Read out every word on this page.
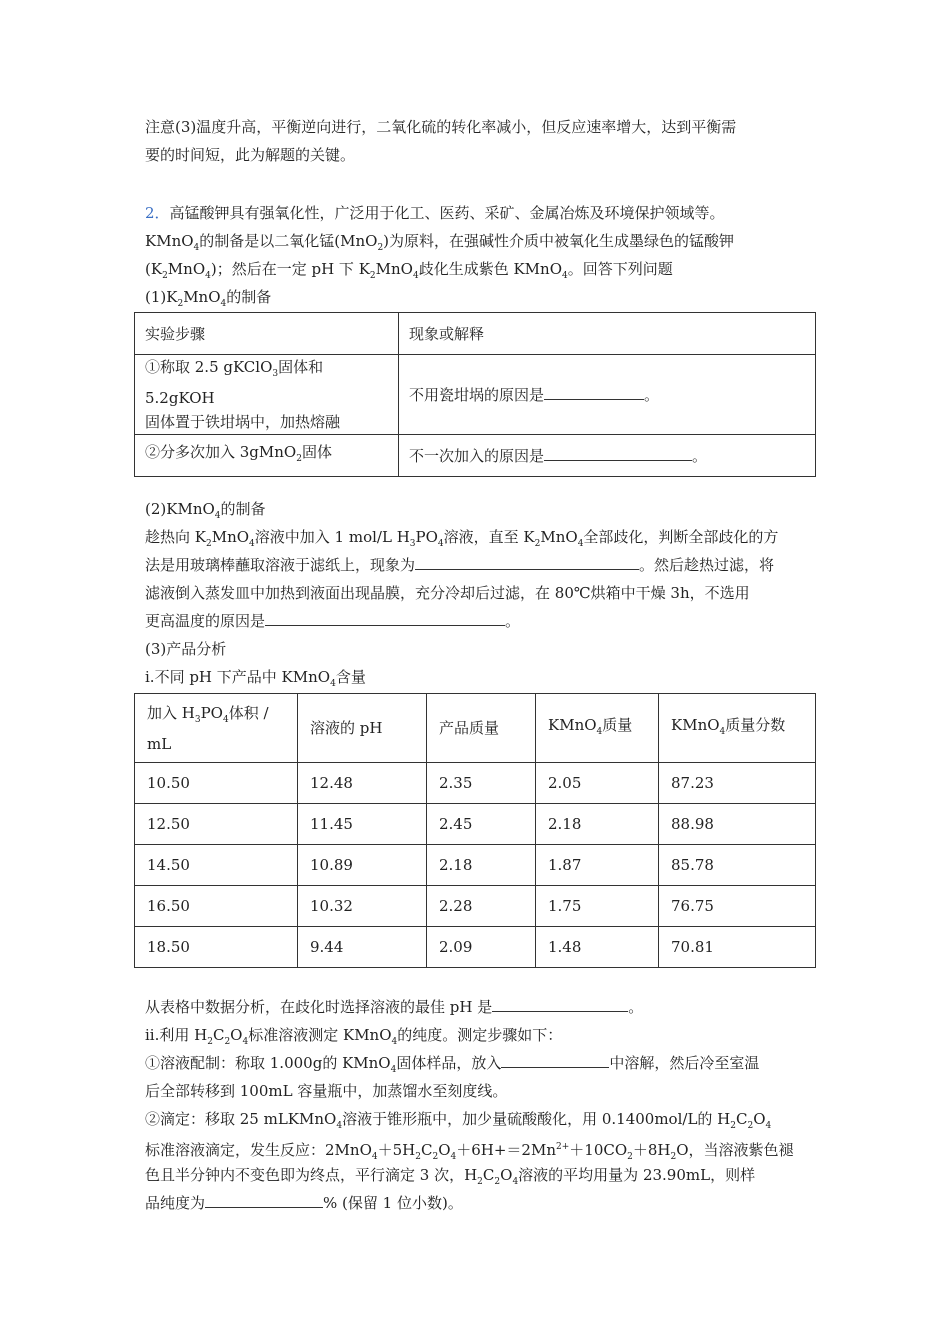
注意(3)温度升高，平衡逆向进行，二氧化硫的转化率减小，但反应速率增大，达到平衡需
要的时间短，此为解题的关键。
2．高锰酸钾具有强氧化性，广泛用于化工、医药、采矿、金属冶炼及环境保护领域等。
KMnO$_4$的制备是以二氧化锰(MnO$_2$)为原料，在强碱性介质中被氧化生成墨绿色的锰酸钾
$(K_2MnO_4)$；然后在一定 pH 下 $K_2MnO_4$歧化生成紫色 KMnO$_4$。回答下列问题
$(1)K_2MnO_4$的制备
实验步骤	现象或解释
①称取 2.5 gKClO$_3$固体和 5.2gKOH
固体置于铁坩埚中，加热熔融	不用瓷坩埚的原因是 。
②分多次加入 3gMnO$_2$固体	不一次加入的原因是 。
(2)KMnO$_4$的制备
趁热向 $K_2MnO_4$溶液中加入 1 mol/L $H_3PO_4$溶液，直至 $K_2MnO_4$全部歧化，判断全部歧化的方
法是用玻璃棒蘸取溶液于滤纸上，现象为	。然后趁热过滤，将
滤液倒入蒸发皿中加热到液面出现晶膜，充分冷却后过滤，在 80℃烘箱中干燥 3h，不选用
更高温度的原因是	。
(3)产品分析
i.不同 pH 下产品中 KMnO$_4$含量
加入 $H_3PO_4$体积 /
mL	溶液的 pH	产品质量	KMnO$_4$质量	KMnO$_4$质量分数
10.50	12.48	2.35	2.05	87.23
12.50	11.45	2.45	2.18	88.98
14.50	10.89	2.18	1.87	85.78
16.50	10.32	2.28	1.75	76.75
18.50	9.44	2.09	1.48	70.81
从表格中数据分析，在歧化时选择溶液的最佳 pH 是	。
ii.利用 $H_2C_2O_4$标准溶液测定 KMnO$_4$的纯度。测定步骤如下：
①溶液配制：称取 1.000g的 KMnO$_4$固体样品，放入	中溶解，然后冷至室温
后全部转移到 100mL 容量瓶中，加蒸馏水至刻度线。
②滴定：移取 25 mLKMnO$_4$溶液于锥形瓶中，加少量硫酸酸化，用 0.1400mol/L的 $H_2C_2O_4$
标准溶液滴定，发生反应：$2MnO_4+5H_2C_2O_4+6H+=2Mn^{2+}+10CO_2+8H_2O$，当溶液紫色褪
色且半分钟内不变色即为终点，平行滴定 3 次，$H_2C_2O_4$溶液的平均用量为 23.90mL，则样
品纯度为	% (保留 1 位小数)。
